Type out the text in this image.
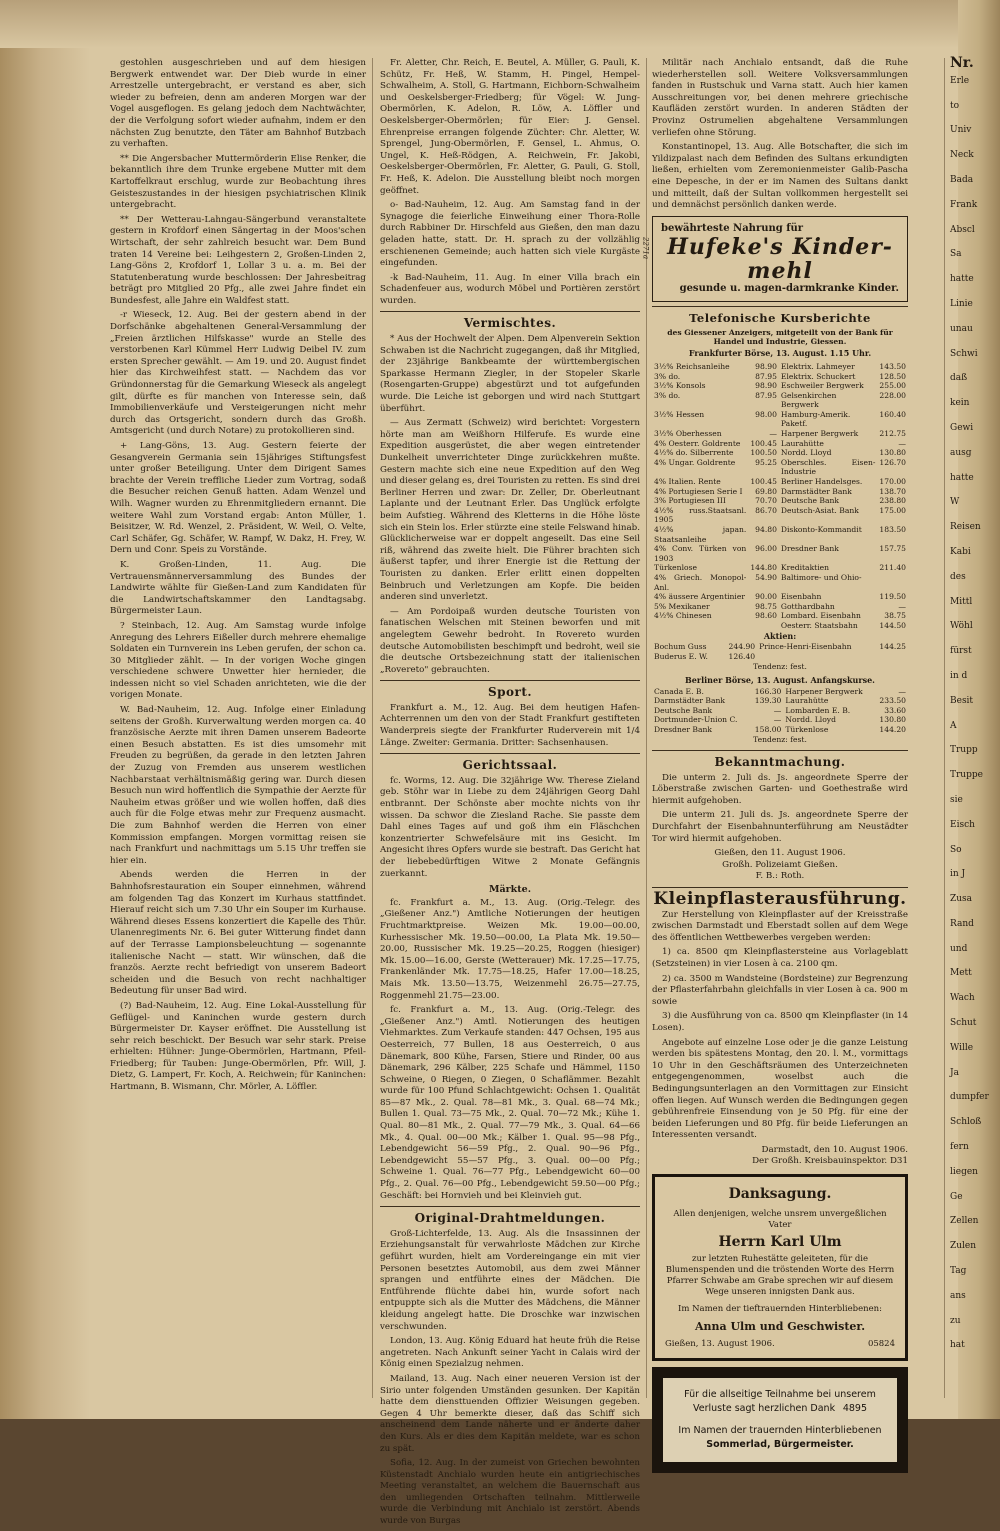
gestohlen ausgeschrieben und auf dem hiesigen Bergwerk entwendet war. Der Dieb wurde in einer Arrestzelle untergebracht, er verstand es aber, sich wieder zu befreien, denn am anderen Morgen war der Vogel ausgeflogen. Es gelang jedoch dem Nachtwächter, der die Verfolgung sofort wieder aufnahm, indem er den nächsten Zug benutzte, den Täter am Bahnhof Butzbach zu verhaften.

** Die Angersbacher Muttermörderin Elise Renker, die bekanntlich ihre dem Trunke ergebene Mutter mit dem Kartoffelkraut erschlug, wurde zur Beobachtung ihres Geisteszustandes in der hiesigen psychiatrischen Klinik untergebracht.

** Der Wetterau-Lahngau-Sängerbund veranstaltete gestern in Krofdorf einen Sängertag in der Moos'schen Wirtschaft, der sehr zahlreich besucht war. Dem Bund traten 14 Vereine bei: Leihgestern 2, Großen-Linden 2, Lang-Göns 2, Krofdorf 1, Lollar 3 u. a. m. Bei der Statutenberatung wurde beschlossen: Der Jahresbeitrag beträgt pro Mitglied 20 Pfg., alle zwei Jahre findet ein Bundesfest, alle Jahre ein Waldfest statt.

-r Wieseck, 12. Aug. Bei der gestern abend in der Dorfschänke abgehaltenen General-Versammlung der „Freien ärztlichen Hilfskasse" wurde an Stelle des verstorbenen Karl Kümmel Herr Ludwig Deibel IV. zum ersten Sprecher gewählt. — Am 19. und 20. August findet hier das Kirchweihfest statt. — Nachdem das vor Gründonnerstag für die Gemarkung Wieseck als angelegt gilt, dürfte es für manchen von Interesse sein, daß Immobilienverkäufe und Versteigerungen nicht mehr durch das Ortsgericht, sondern durch das Großh. Amtsgericht (und durch Notare) zu protokollieren sind.

+ Lang-Göns, 13. Aug. Gestern feierte der Gesangverein Germania sein 15jähriges Stiftungsfest unter großer Beteiligung. Unter dem Dirigent Sames brachte der Verein treffliche Lieder zum Vortrag, sodaß die Besucher reichen Genuß hatten. Adam Wenzel und Wilh. Wagner wurden zu Ehrenmitgliedern ernannt. Die weitere Wahl zum Vorstand ergab: Anton Müller, 1. Beisitzer, W. Rd. Wenzel, 2. Präsident, W. Weil, O. Velte, Carl Schäfer, Gg. Schäfer, W. Rampf, W. Dakz, H. Frey, W. Dern und Conr. Speis zu Vorstände.

K. Großen-Linden, 11. Aug. Die Vertrauensmännerversammlung des Bundes der Landwirte wählte für Gießen-Land zum Kandidaten für die Landwirtschaftskammer den Landtagsabg. Bürgermeister Laun.

? Steinbach, 12. Aug. Am Samstag wurde infolge Anregung des Lehrers Eißeller durch mehrere ehemalige Soldaten ein Turnverein ins Leben gerufen, der schon ca. 30 Mitglieder zählt. — In der vorigen Woche gingen verschiedene schwere Unwetter hier hernieder, die indessen nicht so viel Schaden anrichteten, wie die der vorigen Monate.

W. Bad-Nauheim, 12. Aug. Infolge einer Einladung seitens der Großh. Kurverwaltung werden morgen ca. 40 französische Aerzte mit ihren Damen unserem Badeorte einen Besuch abstatten. Es ist dies umsomehr mit Freuden zu begrüßen, da gerade in den letzten Jahren der Zuzug von Fremden aus unserem westlichen Nachbarstaat verhältnismäßig gering war. Durch diesen Besuch nun wird hoffentlich die Sympathie der Aerzte für Nauheim etwas größer und wie wollen hoffen, daß dies auch für die Folge etwas mehr zur Frequenz ausmacht. Die zum Bahnhof werden die Herren von einer Kommission empfangen. Morgen vormittag reisen sie nach Frankfurt und nachmittags um 5.15 Uhr treffen sie hier ein.

Abends werden die Herren in der Bahnhofsrestauration ein Souper einnehmen, während am folgenden Tag das Konzert im Kurhaus stattfindet. Hierauf reicht sich um 7.30 Uhr ein Souper im Kurhause. Während dieses Essens konzertiert die Kapelle des Thür. Ulanenregiments Nr. 6. Bei guter Witterung findet dann auf der Terrasse Lampionsbeleuchtung — sogenannte italienische Nacht — statt. Wir wünschen, daß die französ. Aerzte recht befriedigt von unserem Badeort scheiden und die Besuch von recht nachhaltiger Bedeutung für unser Bad wird.

(?) Bad-Nauheim, 12. Aug. Eine Lokal-Ausstellung für Geflügel- und Kaninchen wurde gestern durch Bürgermeister Dr. Kayser eröffnet. Die Ausstellung ist sehr reich beschickt. Der Besuch war sehr stark. Preise erhielten: Hühner: Junge-Obermörlen, Hartmann, Pfeil-Friedberg; für Tauben: Junge-Obermörlen, Pfr. Will, J. Dietz, G. Lampert, Fr. Koch, A. Reichwein; für Kaninchen: Hartmann, B. Wismann, Chr. Mörler, A. Löffler.

Fr. Aletter, Chr. Reich, E. Beutel, A. Müller, G. Pauli, K. Schütz, Fr. Heß, W. Stamm, H. Pingel, Hempel-Schwalheim, A. Stoll, G. Hartmann, Eichborn-Schwalheim und Oeskelsberger-Friedberg; für Vögel: W. Jung-Obermörlen, K. Adelon, R. Löw, A. Löffler und Oeskelsberger-Obermörlen; für Eier: J. Gensel. Ehrenpreise errangen folgende Züchter: Chr. Aletter, W. Sprengel, Jung-Obermörlen, F. Gensel, L. Ahmus, O. Ungel, K. Heß-Rödgen, A. Reichwein, Fr. Jakobi, Oeskelsberger-Obermörlen, Fr. Aletter, G. Pauli, G. Stoll, Fr. Heß, K. Adelon. Die Ausstellung bleibt noch morgen geöffnet.

o- Bad-Nauheim, 12. Aug. Am Samstag fand in der Synagoge die feierliche Einweihung einer Thora-Rolle durch Rabbiner Dr. Hirschfeld aus Gießen, den man dazu geladen hatte, statt. Dr. H. sprach zu der vollzählig erschienenen Gemeinde; auch hatten sich viele Kurgäste eingefunden.

-k Bad-Nauheim, 11. Aug. In einer Villa brach ein Schadenfeuer aus, wodurch Möbel und Portièren zerstört wurden.

Vermischtes.

* Aus der Hochwelt der Alpen. Dem Alpenverein Sektion Schwaben ist die Nachricht zugegangen, daß ihr Mitglied, der 23jährige Bankbeamte der württembergischen Sparkasse Hermann Ziegler, in der Stopeler Skarle (Rosengarten-Gruppe) abgestürzt und tot aufgefunden wurde. Die Leiche ist geborgen und wird nach Stuttgart überführt.

— Aus Zermatt (Schweiz) wird berichtet: Vorgestern hörte man am Weißhorn Hilferufe. Es wurde eine Expedition ausgerüstet, die aber wegen eintretender Dunkelheit unverrichteter Dinge zurückkehren mußte. Gestern machte sich eine neue Expedition auf den Weg und dieser gelang es, drei Touristen zu retten. Es sind drei Berliner Herren und zwar: Dr. Zeller, Dr. Oberleutnant Laplante und der Leutnant Erler. Das Unglück erfolgte beim Aufstieg. Während des Kletterns in die Höhe löste sich ein Stein los. Erler stürzte eine steile Felswand hinab. Glücklicherweise war er doppelt angeseilt. Das eine Seil riß, während das zweite hielt. Die Führer brachten sich äußerst tapfer, und ihrer Energie ist die Rettung der Touristen zu danken. Erler erlitt einen doppelten Beinbruch und Verletzungen am Kopfe. Die beiden anderen sind unverletzt.

— Am Pordoipaß wurden deutsche Touristen von fanatischen Welschen mit Steinen beworfen und mit angelegtem Gewehr bedroht. In Rovereto wurden deutsche Automobilisten beschimpft und bedroht, weil sie die deutsche Ortsbezeichnung statt der italienischen „Rovereto" gebrauchten.

Sport.

Frankfurt a. M., 12. Aug. Bei dem heutigen Hafen-Achterrennen um den von der Stadt Frankfurt gestifteten Wanderpreis siegte der Frankfurter Ruderverein mit 1/4 Länge. Zweiter: Germania. Dritter: Sachsenhausen.

Gerichtssaal.

fc. Worms, 12. Aug. Die 32jährige Ww. Therese Zieland geb. Stöhr war in Liebe zu dem 24jährigen Georg Dahl entbrannt. Der Schönste aber mochte nichts von ihr wissen. Da schwor die Ziesland Rache. Sie passte dem Dahl eines Tages auf und goß ihm ein Fläschchen konzentrierter Schwefelsäure mit ins Gesicht. Im Angesicht ihres Opfers wurde sie bestraft. Das Gericht hat der liebebedürftigen Witwe 2 Monate Gefängnis zuerkannt.

Märkte.

fc. Frankfurt a. M., 13. Aug. (Orig.-Telegr. des „Gießener Anz.") Amtliche Notierungen der heutigen Fruchtmarktpreise. Weizen Mk. 19.00—00.00, Kurhessischer Mk. 19.50—00.00, La Plata Mk. 19.50—20.00, Russischer Mk. 19.25—20.25, Roggen (hiesiger) Mk. 15.00—16.00, Gerste (Wetterauer) Mk. 17.25—17.75, Frankenländer Mk. 17.75—18.25, Hafer 17.00—18.25, Mais Mk. 13.50—13.75, Weizenmehl 26.75—27.75, Roggenmehl 21.75—23.00.

fc. Frankfurt a. M., 13. Aug. (Orig.-Telegr. des „Gießener Anz.") Amtl. Notierungen des heutigen Viehmarktes. Zum Verkaufe standen: 447 Ochsen, 195 aus Oesterreich, 77 Bullen, 18 aus Oesterreich, 0 aus Dänemark, 800 Kühe, Farsen, Stiere und Rinder, 00 aus Dänemark, 296 Kälber, 225 Schafe und Hämmel, 1150 Schweine, 0 Riegen, 0 Ziegen, 0 Schaflämmer. Bezahlt wurde für 100 Pfund Schlachtgewicht: Ochsen 1. Qualität 85—87 Mk., 2. Qual. 78—81 Mk., 3. Qual. 68—74 Mk.; Bullen 1. Qual. 73—75 Mk., 2. Qual. 70—72 Mk.; Kühe 1. Qual. 80—81 Mk., 2. Qual. 77—79 Mk., 3. Qual. 64—66 Mk., 4. Qual. 00—00 Mk.; Kälber 1. Qual. 95—98 Pfg., Lebendgewicht 56—59 Pfg., 2. Qual. 90—96 Pfg., Lebendgewicht 55—57 Pfg., 3. Qual. 00—00 Pfg.; Schweine 1. Qual. 76—77 Pfg., Lebendgewicht 60—00 Pfg., 2. Qual. 76—00 Pfg., Lebendgewicht 59.50—00 Pfg.; Geschäft: bei Hornvieh und bei Kleinvieh gut.

Original-Drahtmeldungen.

Groß-Lichterfelde, 13. Aug. Als die Insassinnen der Erziehungsanstalt für verwahrloste Mädchen zur Kirche geführt wurden, hielt am Vordereingange ein mit vier Personen besetztes Automobil, aus dem zwei Männer sprangen und entführte eines der Mädchen. Die Entführende flüchte dabei hin, wurde sofort nach entpuppte sich als die Mutter des Mädchens, die Männer kleidung angelegt hatte. Die Droschke war inzwischen verschwunden.

London, 13. Aug. König Eduard hat heute früh die Reise angetreten. Nach Ankunft seiner Yacht in Calais wird der König einen Spezialzug nehmen.

Mailand, 13. Aug. Nach einer neueren Version ist der Sirio unter folgenden Umständen gesunken. Der Kapitän hatte dem diensttuenden Offizier Weisungen gegeben. Gegen 4 Uhr bemerkte dieser, daß das Schiff sich anscheinend dem Lande näherte und er änderte daher den Kurs. Als er dies dem Kapitän meldete, war es schon zu spät.

Sofia, 12. Aug. In der zumeist von Griechen bewohnten Küstenstadt Anchialo wurden heute ein antigriechisches Meeting veranstaltet, an welchem die Bauernschaft aus den umliegenden Ortschaften teilnahm. Mittlerweile wurde die Verbindung mit Anchialo ist zerstört. Abends wurde von Burgas

Militär nach Anchialo entsandt, daß die Ruhe wiederherstellen soll. Weitere Volksversammlungen fanden in Rustschuk und Varna statt. Auch hier kamen Ausschreitungen vor, bei denen mehrere griechische Kaufläden zerstört wurden. In anderen Städten der Provinz Ostrumelien abgehaltene Versammlungen verliefen ohne Störung.

Konstantinopel, 13. Aug. Alle Botschafter, die sich im Yildizpalast nach dem Befinden des Sultans erkundigten ließen, erhielten vom Zeremonienmeister Galib-Pascha eine Depesche, in der er im Namen des Sultans dankt und mitteilt, daß der Sultan vollkommen hergestellt sei und demnächst persönlich danken werde.

bewährteste Nahrung für
Hufeke's Kinder-mehl
gesunde u. magen-darmkranke Kinder.
2271a
Telefonische Kursberichte
des Giessener Anzeigers, mitgeteilt von der Bank für Handel und Industrie, Giessen.
Frankfurter Börse, 13. August. 1.15 Uhr.
3½% Reichsanleihe	98.90	Elektrix. Lahmeyer	143.50
3% do.	87.95	Elektrix. Schuckert	128.50
3½% Konsols	98.90	Eschweiler Bergwerk	255.00
3% do.	87.95	Gelsenkirchen Bergwerk	228.00
3½% Hessen	98.00	Hamburg-Amerik. Paketf.	160.40
3½% Oberhessen	—	Harpener Bergwerk	212.75
4% Oesterr. Goldrente	100.45	Laurahütte	—
4½% do. Silberrente	100.50	Nordd. Lloyd	130.80
4% Ungar. Goldrente	95.25	Oberschles. Eisen-Industrie	126.70
4% Italien. Rente	100.45	Berliner Handelsges.	170.00
4% Portugiesen Serie I	69.80	Darmstädter Bank	138.70
3% Portugiesen III	70.70	Deutsche Bank	238.80
4½% russ.Staatsanl. 1905	86.70	Deutsch-Asiat. Bank	175.00
4½% japan. Staatsanleihe	94.80	Diskonto-Kommandit	183.50
4% Conv. Türken von 1903	96.00	Dresdner Bank	157.75
Türkenlose	144.80	Kreditaktien	211.40
4% Griech. Monopol-Anl.	54.90	Baltimore- und Ohio-	
4% äussere Argentinier	90.00	Eisenbahn	119.50
5% Mexikaner	98.75	Gotthardbahn	—
4½% Chinesen	98.60	Lombard. Eisenbahn	38.75
		Oesterr. Staatsbahn	144.50
Aktien:
Bochum Guss	244.90	Prince-Henri-Eisenbahn	144.25
Buderus E. W.	126.40		
Tendenz: fest.
Berliner Börse, 13. August. Anfangskurse.
Canada E. B.	166.30	Harpener Bergwerk	—
Darmstädter Bank	139.30	Laurahütte	233.50
Deutsche Bank	—	Lombarden E. B.	33.60
Dortmunder-Union C.	—	Nordd. Lloyd	130.80
Dresdner Bank	158.00	Türkenlose	144.20
Tendenz: fest.
Bekanntmachung.

Die unterm 2. Juli ds. Js. angeordnete Sperre der Löberstraße zwischen Garten- und Goethestraße wird hiermit aufgehoben.

Die unterm 21. Juli ds. Js. angeordnete Sperre der Durchfahrt der Eisenbahnunterführung am Neustädter Tor wird hiermit aufgehoben.

Gießen, den 11. August 1906.
Großh. Polizeiamt Gießen.
F. B.: Roth.
Kleinpflasterausführung.

Zur Herstellung von Kleinpflaster auf der Kreisstraße zwischen Darmstadt und Eberstadt sollen auf dem Wege des öffentlichen Wettbewerbes vergeben werden:

1) ca. 8500 qm Kleinpflastersteine aus Vorlageblatt (Setzsteinen) in vier Losen à ca. 2100 qm.

2) ca. 3500 m Wandsteine (Bordsteine) zur Begrenzung der Pflasterfahrbahn gleichfalls in vier Losen à ca. 900 m sowie

3) die Ausführung von ca. 8500 qm Kleinpflaster (in 14 Losen).

Angebote auf einzelne Lose oder je die ganze Leistung werden bis spätestens Montag, den 20. l. M., vormittags 10 Uhr in den Geschäftsräumen des Unterzeichneten entgegengenommen, woselbst auch die Bedingungsunterlagen an den Vormittagen zur Einsicht offen liegen. Auf Wunsch werden die Bedingungen gegen gebührenfreie Einsendung von je 50 Pfg. für eine der beiden Lieferungen und 80 Pfg. für beide Lieferungen an Interessenten versandt.

Darmstadt, den 10. August 1906.
Der Großh. Kreisbauinspektor. D31
Danksagung.
Allen denjenigen, welche unsrem unvergeßlichen Vater
Herrn Karl Ulm
zur letzten Ruhestätte geleiteten, für die Blumenspenden und die tröstenden Worte des Herrn Pfarrer Schwabe am Grabe sprechen wir auf diesem Wege unseren innigsten Dank aus.
Im Namen der tieftrauernden Hinterbliebenen:
Anna Ulm und Geschwister.
Gießen, 13. August 1906.	05824
Für die allseitige Teilnahme bei unserem
Verluste sagt herzlichen Dank 4895
Im Namen der trauernden Hinterbliebenen
Sommerlad, Bürgermeister.
Nr.
Erle
to
Univ
Neck
Bada
Frank
Abscl
Sa
hatte
Linie
unau
Schwi
daß
kein
Gewi
ausg
hatte
W
Reisen
Kabi
des
Mittl
Wöhl
fürst
in d
Besit
A
Trupp
Truppe
sie
Eisch
So
in J
Zusa
Rand
und
Mett
Wach
Schut
Wille
Ja
dumpfer
Schloß
fern
liegen
Ge
Zellen
Zulen
Tag
ans
zu
hat
